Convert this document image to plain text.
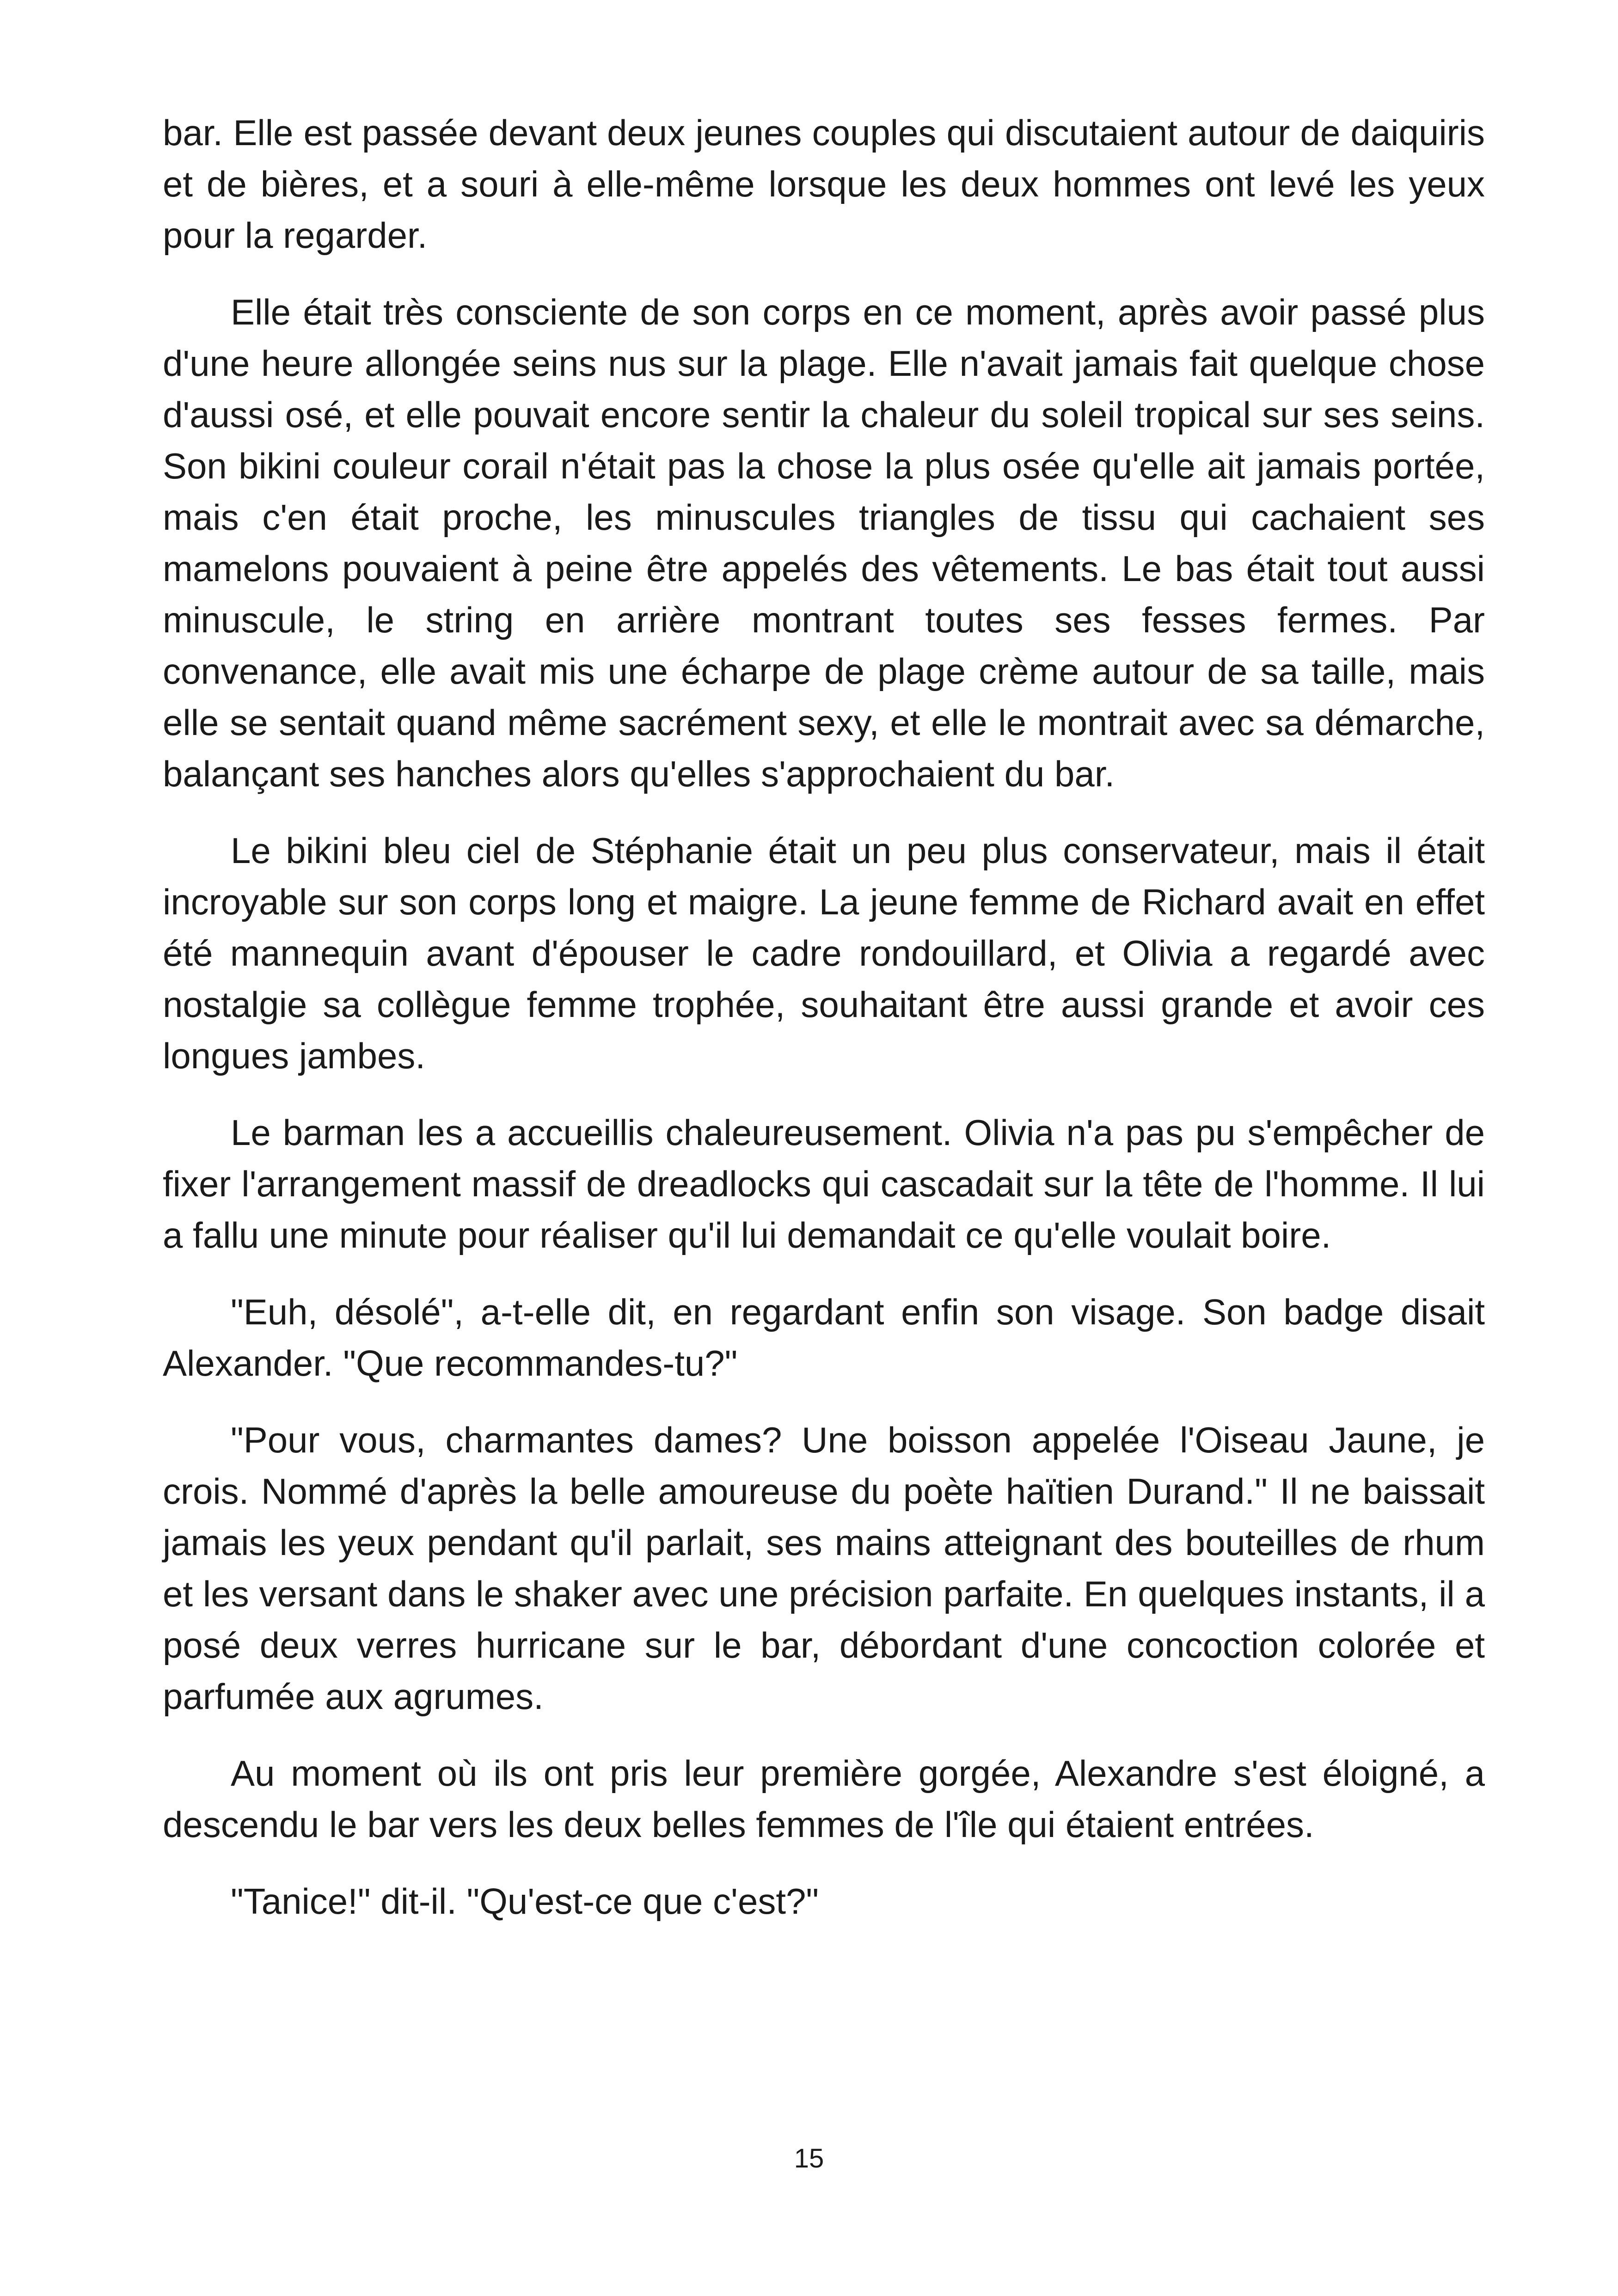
bar. Elle est passée devant deux jeunes couples qui discutaient autour de daiquiris et de bières, et a souri à elle-même lorsque les deux hommes ont levé les yeux pour la regarder.

Elle était très consciente de son corps en ce moment, après avoir passé plus d'une heure allongée seins nus sur la plage. Elle n'avait jamais fait quelque chose d'aussi osé, et elle pouvait encore sentir la chaleur du soleil tropical sur ses seins. Son bikini couleur corail n'était pas la chose la plus osée qu'elle ait jamais portée, mais c'en était proche, les minuscules triangles de tissu qui cachaient ses mamelons pouvaient à peine être appelés des vêtements. Le bas était tout aussi minuscule, le string en arrière montrant toutes ses fesses fermes. Par convenance, elle avait mis une écharpe de plage crème autour de sa taille, mais elle se sentait quand même sacrément sexy, et elle le montrait avec sa démarche, balançant ses hanches alors qu'elles s'approchaient du bar.

Le bikini bleu ciel de Stéphanie était un peu plus conservateur, mais il était incroyable sur son corps long et maigre. La jeune femme de Richard avait en effet été mannequin avant d'épouser le cadre rondouillard, et Olivia a regardé avec nostalgie sa collègue femme trophée, souhaitant être aussi grande et avoir ces longues jambes.

Le barman les a accueillis chaleureusement. Olivia n'a pas pu s'empêcher de fixer l'arrangement massif de dreadlocks qui cascadait sur la tête de l'homme. Il lui a fallu une minute pour réaliser qu'il lui demandait ce qu'elle voulait boire.

"Euh, désolé", a-t-elle dit, en regardant enfin son visage. Son badge disait Alexander. "Que recommandes-tu?"

"Pour vous, charmantes dames? Une boisson appelée l'Oiseau Jaune, je crois. Nommé d'après la belle amoureuse du poète haïtien Durand." Il ne baissait jamais les yeux pendant qu'il parlait, ses mains atteignant des bouteilles de rhum et les versant dans le shaker avec une précision parfaite. En quelques instants, il a posé deux verres hurricane sur le bar, débordant d'une concoction colorée et parfumée aux agrumes.

Au moment où ils ont pris leur première gorgée, Alexandre s'est éloigné, a descendu le bar vers les deux belles femmes de l'île qui étaient entrées.

"Tanice!" dit-il. "Qu'est-ce que c'est?"

15
